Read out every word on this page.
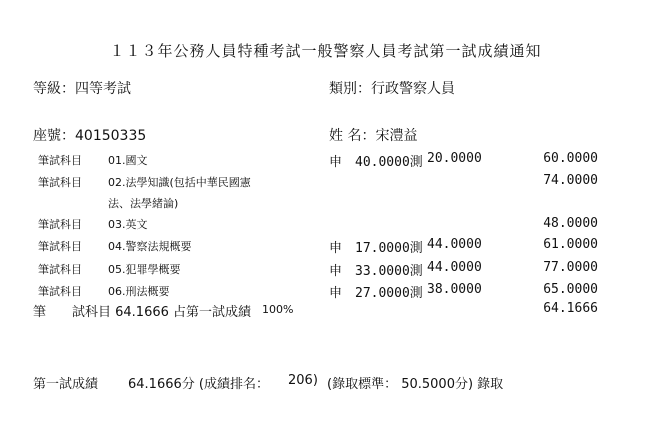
１１３年公務人員特種考試一般警察人員考試第一試成績通知
等級：四等考試	類別：行政警察人員
座號：40150335	姓 名：宋澧益
筆試科目 01.國文	申 40.0000測 20.0000	60.0000
筆試科目 02.法學知識(包括中華民國憲
法、法學緒論)
74.0000
筆試科目 03.英文	48.0000
筆試科目 04.警察法規概要	申 17.0000測 44.0000	61.0000
筆試科目 05.犯罪學概要	申 33.0000測 44.0000	77.0000
筆試科目 06.刑法概要	申 27.0000測 38.0000	65.0000
筆 試科目 64.1666 占第一試成績 100%	64.1666
第一試成績 64.1666分 (成績排名： 206) (錄取標準： 50.5000分) 錄取
